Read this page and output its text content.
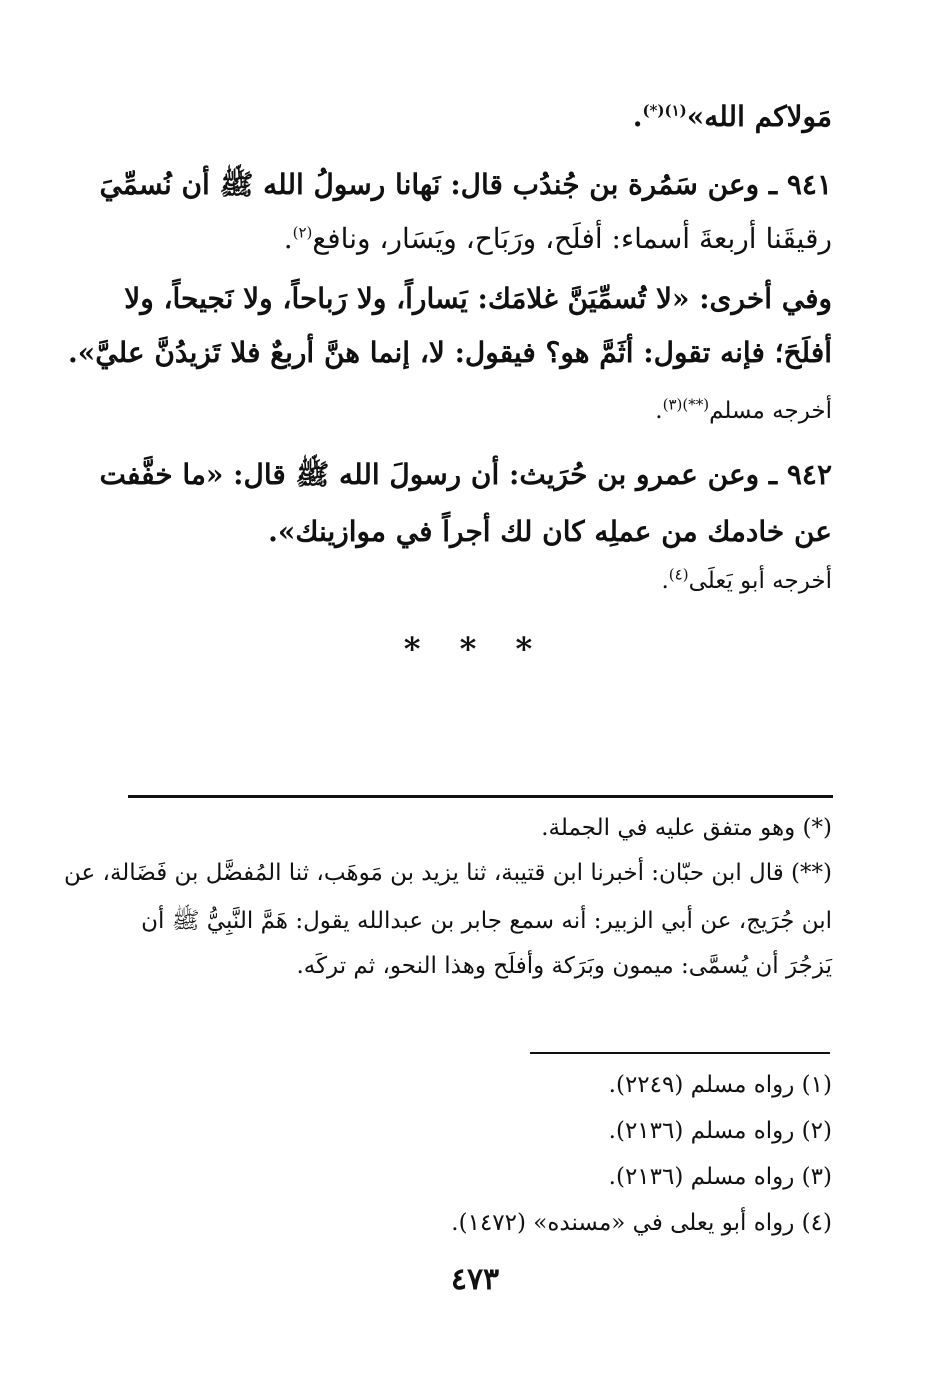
مَولاكم الله»$^{(١)(*)}$.
٩٤١ ـ وعن سَمُرة بن جُندُب قال: نَهانا رسولُ الله ﷺ أن نُسمِّيَ
رقيقَنا أربعةَ أسماء: أفلَح، ورَبَاح، ويَسَار، ونافع$^{(٢)}$.
وفي أخرى: «لا تُسمِّيَنَّ غلامَك: يَساراً، ولا رَباحاً، ولا نَجيحاً، ولا
أفلَحَ؛ فإنه تقول: أثَمَّ هو؟ فيقول: لا، إنما هنَّ أربعٌ فلا تَزيدُنَّ عليَّ».
أخرجه مسلم$^{(**)(٣)}$.
٩٤٢ ـ وعن عمرو بن حُرَيث: أن رسولَ الله ﷺ قال: «ما خفَّفت
عن خادمك من عملِه كان لك أجراً في موازينك».
أخرجه أبو يَعلَى$^{(٤)}$.
* * *
(*) وهو متفق عليه في الجملة.
(**) قال ابن حبّان: أخبرنا ابن قتيبة، ثنا يزيد بن مَوهَب، ثنا المُفضَّل بن فَضَالة، عن
ابن جُرَيج، عن أبي الزبير: أنه سمع جابر بن عبدالله يقول: هَمَّ النَّبِيُّ ﷺ أن
يَزجُرَ أن يُسمَّى: ميمون وبَرَكة وأفلَح وهذا النحو، ثم تركَه.
(١) رواه مسلم (٢٢٤٩).
(٢) رواه مسلم (٢١٣٦).
(٣) رواه مسلم (٢١٣٦).
(٤) رواه أبو يعلى في «مسنده» (١٤٧٢).
٤٧٣
